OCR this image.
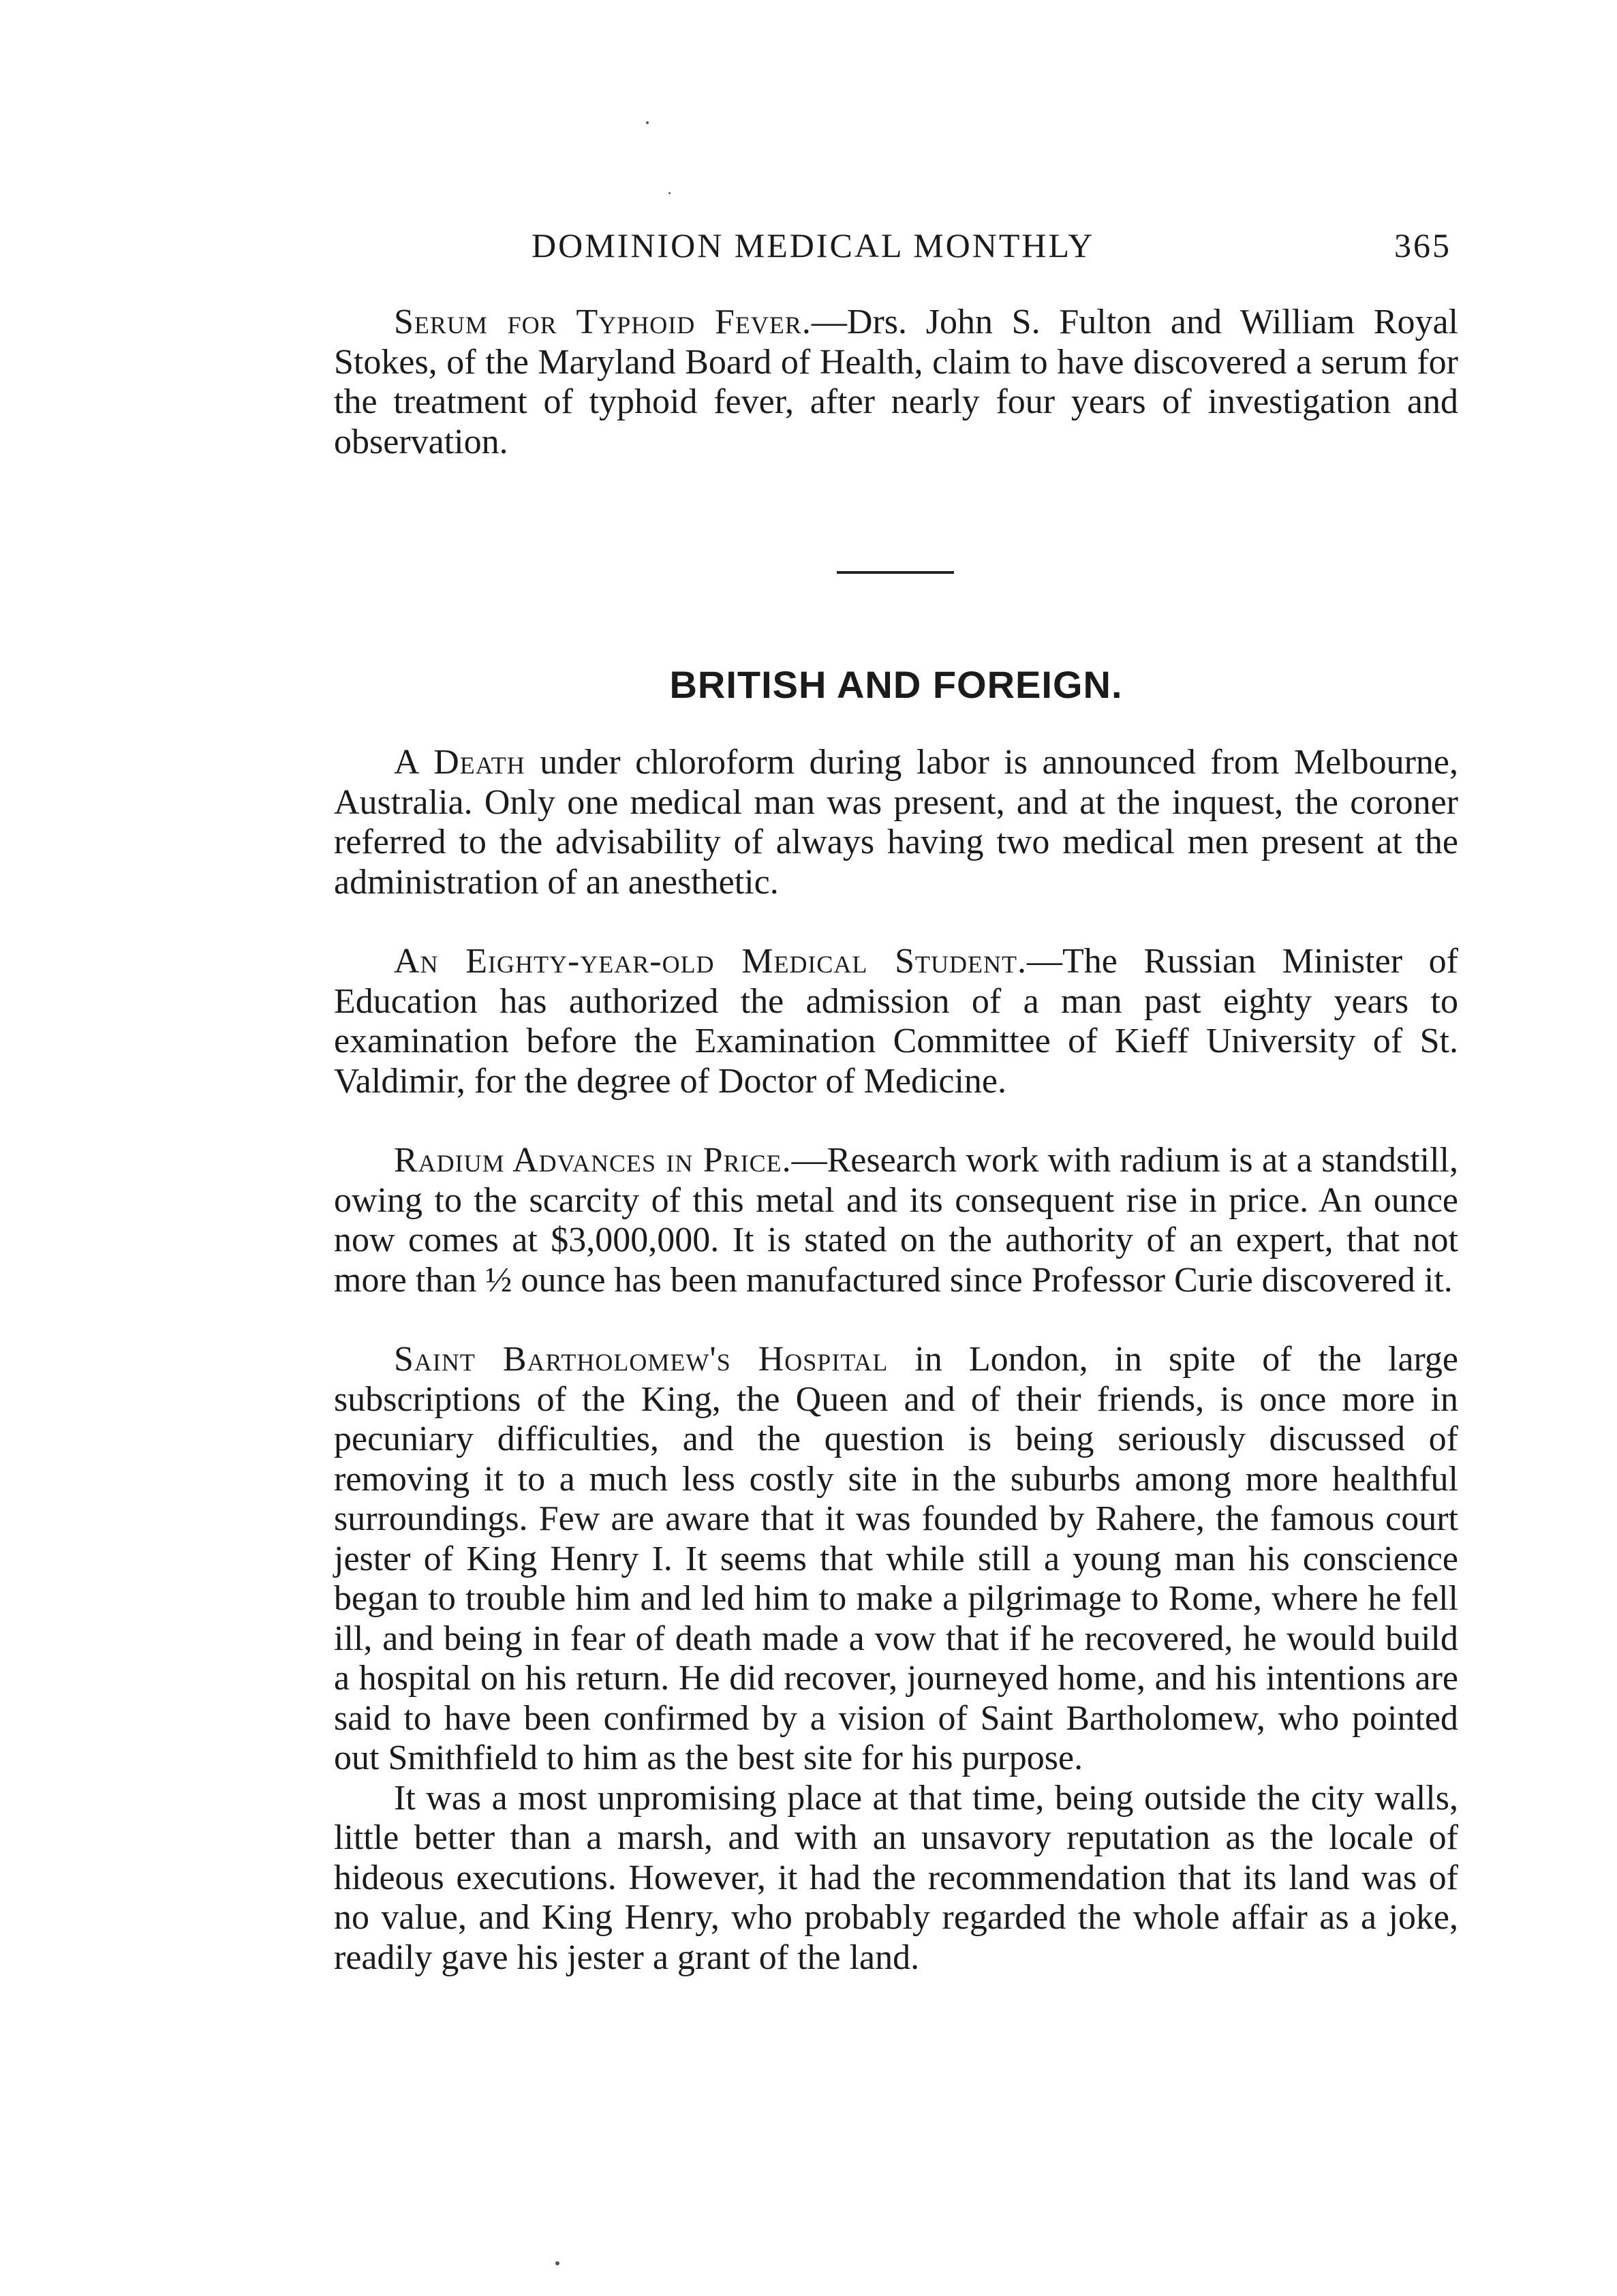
DOMINION MEDICAL MONTHLY	365

Serum for Typhoid Fever.—Drs. John S. Fulton and William Royal Stokes, of the Maryland Board of Health, claim to have discovered a serum for the treatment of typhoid fever, after nearly four years of investigation and observation.

BRITISH AND FOREIGN.

A Death under chloroform during labor is announced from Melbourne, Australia. Only one medical man was present, and at the inquest, the coroner referred to the advisability of always having two medical men present at the administration of an anesthetic.

An Eighty-year-old Medical Student.—The Russian Minister of Education has authorized the admission of a man past eighty years to examination before the Examination Committee of Kieff University of St. Valdimir, for the degree of Doctor of Medicine.

Radium Advances in Price.—Research work with radium is at a standstill, owing to the scarcity of this metal and its consequent rise in price. An ounce now comes at $3,000,000. It is stated on the authority of an expert, that not more than ½ ounce has been manufactured since Professor Curie discovered it.

Saint Bartholomew's Hospital in London, in spite of the large subscriptions of the King, the Queen and of their friends, is once more in pecuniary difficulties, and the question is being seriously discussed of removing it to a much less costly site in the suburbs among more healthful surroundings. Few are aware that it was founded by Rahere, the famous court jester of King Henry I. It seems that while still a young man his conscience began to trouble him and led him to make a pilgrimage to Rome, where he fell ill, and being in fear of death made a vow that if he recovered, he would build a hospital on his return. He did recover, journeyed home, and his intentions are said to have been confirmed by a vision of Saint Bartholomew, who pointed out Smithfield to him as the best site for his purpose.

It was a most unpromising place at that time, being outside the city walls, little better than a marsh, and with an unsavory reputation as the locale of hideous executions. However, it had the recommendation that its land was of no value, and King Henry, who probably regarded the whole affair as a joke, readily gave his jester a grant of the land.
